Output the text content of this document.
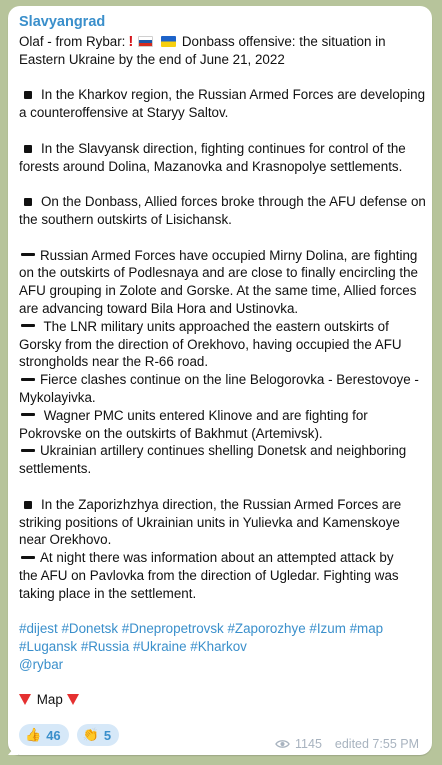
Slavyangrad
Olaf - from Rybar: !	Donbass offensive: the situation in
Eastern Ukraine by the end of June 21, 2022
In the Kharkov region, the Russian Armed Forces are developing
a counteroffensive at Staryy Saltov.
In the Slavyansk direction, fighting continues for control of the
forests around Dolina, Mazanovka and Krasnopolye settlements.
On the Donbass, Allied forces broke through the AFU defense on
the southern outskirts of Lisichansk.
Russian Armed Forces have occupied Mirny Dolina, are fighting
on the outskirts of Podlesnaya and are close to finally encircling the
AFU grouping in Zolote and Gorske. At the same time, Allied forces
are advancing toward Bila Hora and Ustinovka.
The LNR military units approached the eastern outskirts of
Gorsky from the direction of Orekhovo, having occupied the AFU
strongholds near the R-66 road.
Fierce clashes continue on the line Belogorovka - Berestovoye -
Mykolayivka.
Wagner PMC units entered Klinove and are fighting for
Pokrovske on the outskirts of Bakhmut (Artemivsk).
Ukrainian artillery continues shelling Donetsk and neighboring
settlements.
In the Zaporizhzhya direction, the Russian Armed Forces are
striking positions of Ukrainian units in Yulievka and Kamenskoye
near Orekhovo.
At night there was information about an attempted attack by
the AFU on Pavlovka from the direction of Ugledar. Fighting was
taking place in the settlement.
#dijest #Donetsk #Dnepropetrovsk #Zaporozhye #Izum #map
#Lugansk #Russia #Ukraine #Kharkov
@rybar
Map
👍 46 👏 5
1145 edited 7:55 PM
